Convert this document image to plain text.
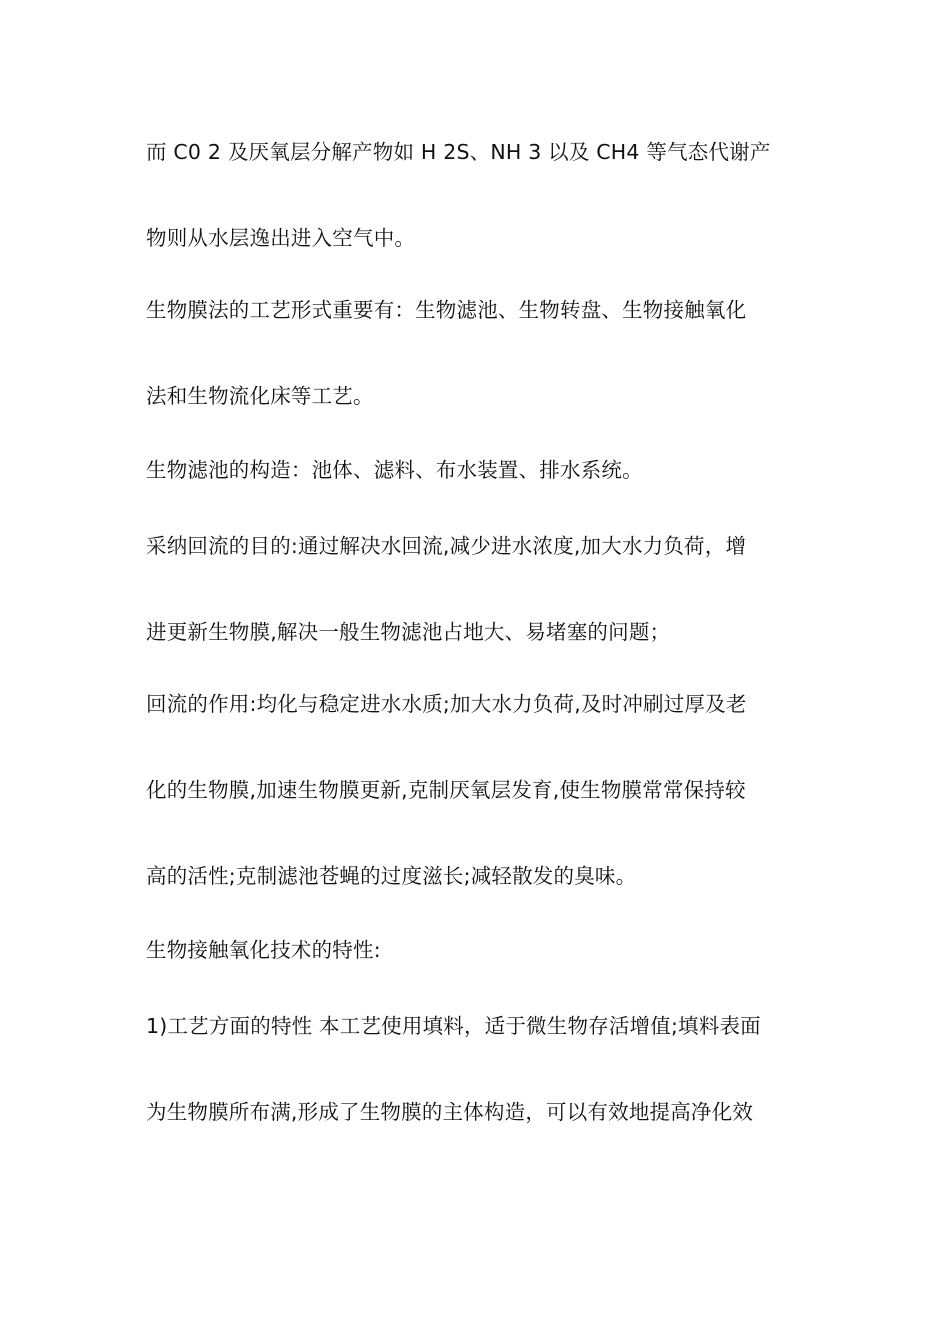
而 C0 2 及厌氧层分解产物如 H 2S、NH 3 以及 CH4 等气态代谢产
物则从水层逸出进入空气中。
生物膜法的工艺形式重要有：生物滤池、生物转盘、生物接触氧化
法和生物流化床等工艺。
生物滤池的构造：池体、滤料、布水装置、排水系统。
采纳回流的目的:通过解决水回流,减少进水浓度,加大水力负荷，增
进更新生物膜,解决一般生物滤池占地大、易堵塞的问题；
回流的作用:均化与稳定进水水质;加大水力负荷,及时冲刷过厚及老
化的生物膜,加速生物膜更新,克制厌氧层发育,使生物膜常常保持较
高的活性;克制滤池苍蝇的过度滋长;减轻散发的臭味。
生物接触氧化技术的特性:
1)工艺方面的特性 本工艺使用填料，适于微生物存活增值;填料表面
为生物膜所布满,形成了生物膜的主体构造，可以有效地提高净化效
